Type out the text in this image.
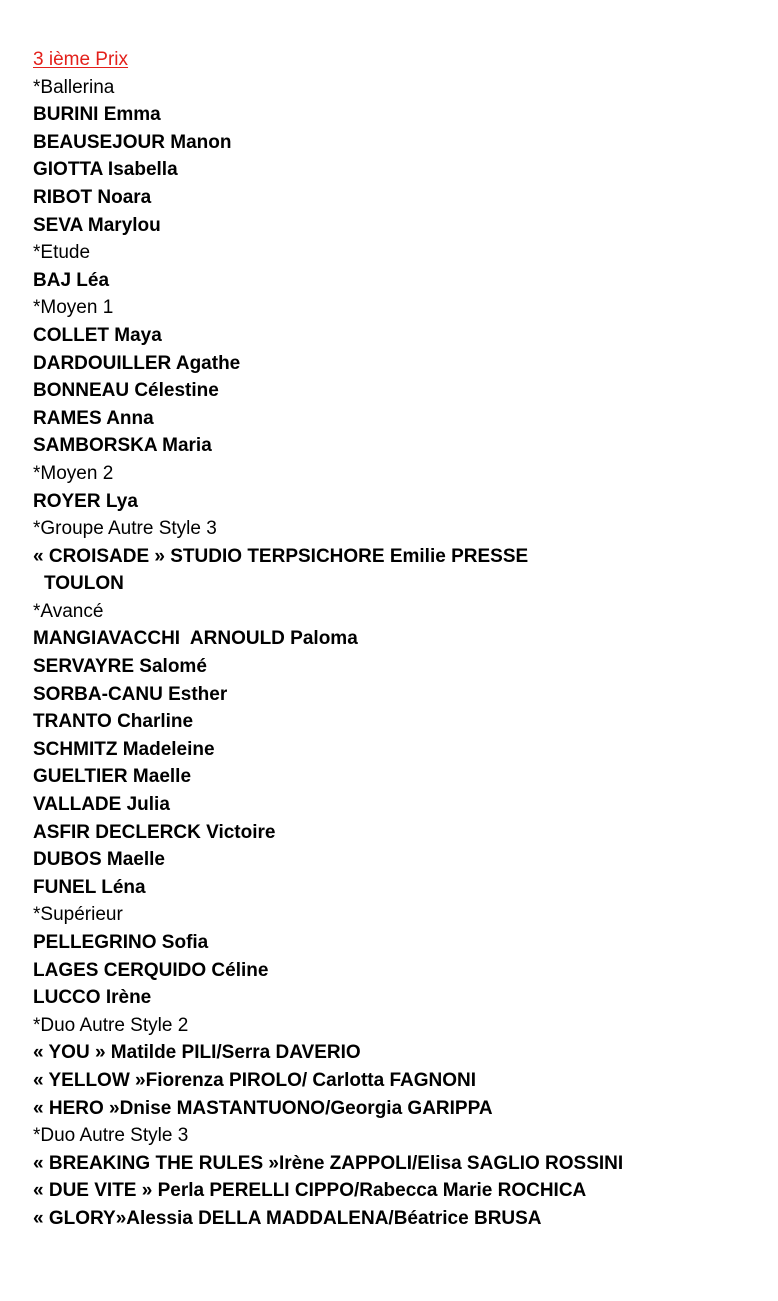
3 ième Prix
*Ballerina
BURINI Emma
BEAUSEJOUR Manon
GIOTTA Isabella
RIBOT Noara
SEVA Marylou
*Etude
BAJ Léa
*Moyen 1
COLLET Maya
DARDOUILLER Agathe
BONNEAU Célestine
RAMES Anna
SAMBORSKA Maria
*Moyen 2
ROYER Lya
*Groupe Autre Style 3
« CROISADE » STUDIO TERPSICHORE Emilie PRESSE
TOULON
*Avancé
MANGIAVACCHI  ARNOULD Paloma
SERVAYRE Salomé
SORBA-CANU Esther
TRANTO Charline
SCHMITZ Madeleine
GUELTIER Maelle
VALLADE Julia
ASFIR DECLERCK Victoire
DUBOS Maelle
FUNEL Léna
*Supérieur
PELLEGRINO Sofia
LAGES CERQUIDO Céline
LUCCO Irène
*Duo Autre Style 2
« YOU » Matilde PILI/Serra DAVERIO
« YELLOW »Fiorenza PIROLO/ Carlotta FAGNONI
« HERO »Dnise MASTANTUONO/Georgia GARIPPA
*Duo Autre Style 3
« BREAKING THE RULES »Irène ZAPPOLI/Elisa SAGLIO ROSSINI
« DUE VITE » Perla PERELLI CIPPO/Rabecca Marie ROCHICA
« GLORY»Alessia DELLA MADDALENA/Béatrice BRUSA
